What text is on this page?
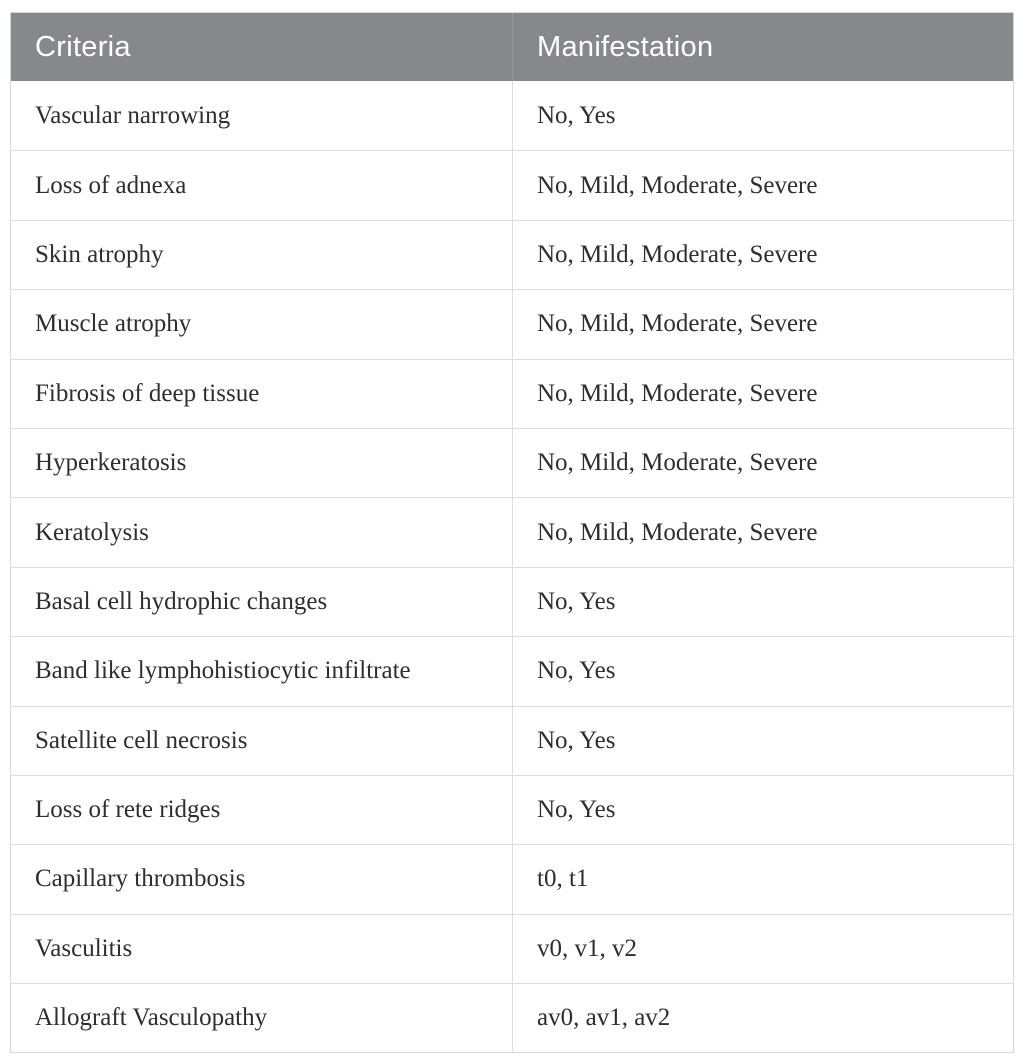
Criteria	Manifestation
Vascular narrowing	No, Yes
Loss of adnexa	No, Mild, Moderate, Severe
Skin atrophy	No, Mild, Moderate, Severe
Muscle atrophy	No, Mild, Moderate, Severe
Fibrosis of deep tissue	No, Mild, Moderate, Severe
Hyperkeratosis	No, Mild, Moderate, Severe
Keratolysis	No, Mild, Moderate, Severe
Basal cell hydrophic changes	No, Yes
Band like lymphohistiocytic infiltrate	No, Yes
Satellite cell necrosis	No, Yes
Loss of rete ridges	No, Yes
Capillary thrombosis	t0, t1
Vasculitis	v0, v1, v2
Allograft Vasculopathy	av0, av1, av2
